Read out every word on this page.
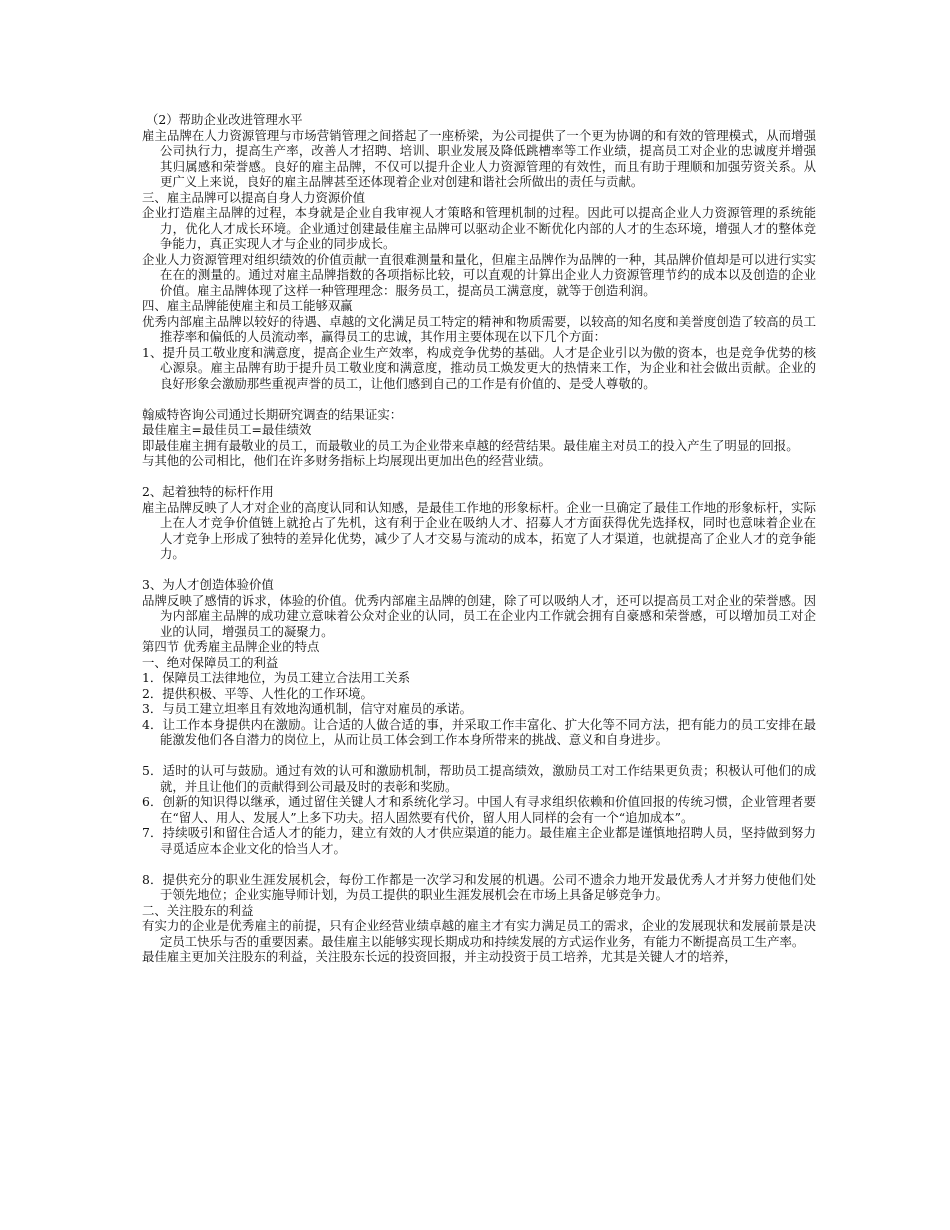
（2）帮助企业改进管理水平
雇主品牌在人力资源管理与市场营销管理之间搭起了一座桥梁，为公司提供了一个更为协调的和有效的管理模式，从而增强公司执行力，提高生产率，改善人才招聘、培训、职业发展及降低跳槽率等工作业绩，提高员工对企业的忠诚度并增强其归属感和荣誉感。良好的雇主品牌，不仅可以提升企业人力资源管理的有效性，而且有助于理顺和加强劳资关系。从更广义上来说，良好的雇主品牌甚至还体现着企业对创建和谐社会所做出的责任与贡献。
三、雇主品牌可以提高自身人力资源价值
企业打造雇主品牌的过程，本身就是企业自我审视人才策略和管理机制的过程。因此可以提高企业人力资源管理的系统能力，优化人才成长环境。企业通过创建最佳雇主品牌可以驱动企业不断优化内部的人才的生态环境，增强人才的整体竞争能力，真正实现人才与企业的同步成长。
企业人力资源管理对组织绩效的价值贡献一直很难测量和量化，但雇主品牌作为品牌的一种，其品牌价值却是可以进行实实在在的测量的。通过对雇主品牌指数的各项指标比较，可以直观的计算出企业人力资源管理节约的成本以及创造的企业价值。雇主品牌体现了这样一种管理理念：服务员工，提高员工满意度，就等于创造利润。
四、雇主品牌能使雇主和员工能够双赢
优秀内部雇主品牌以较好的待遇、卓越的文化满足员工特定的精神和物质需要，以较高的知名度和美誉度创造了较高的员工推荐率和偏低的人员流动率，赢得员工的忠诚，其作用主要体现在以下几个方面：
1、提升员工敬业度和满意度，提高企业生产效率，构成竞争优势的基础。人才是企业引以为傲的资本，也是竞争优势的核心源泉。雇主品牌有助于提升员工敬业度和满意度，推动员工焕发更大的热情来工作，为企业和社会做出贡献。企业的良好形象会激励那些重视声誉的员工，让他们感到自己的工作是有价值的、是受人尊敬的。
翰威特咨询公司通过长期研究调查的结果证实：
最佳雇主=最佳员工=最佳绩效
即最佳雇主拥有最敬业的员工，而最敬业的员工为企业带来卓越的经营结果。最佳雇主对员工的投入产生了明显的回报。
与其他的公司相比，他们在许多财务指标上均展现出更加出色的经营业绩。
2、起着独特的标杆作用
雇主品牌反映了人才对企业的高度认同和认知感，是最佳工作地的形象标杆。企业一旦确定了最佳工作地的形象标杆，实际上在人才竞争价值链上就抢占了先机，这有利于企业在吸纳人才、招募人才方面获得优先选择权，同时也意味着企业在人才竞争上形成了独特的差异化优势，减少了人才交易与流动的成本，拓宽了人才渠道，也就提高了企业人才的竞争能力。
3、为人才创造体验价值
品牌反映了感情的诉求，体验的价值。优秀内部雇主品牌的创建，除了可以吸纳人才，还可以提高员工对企业的荣誉感。因为内部雇主品牌的成功建立意味着公众对企业的认同，员工在企业内工作就会拥有自豪感和荣誉感，可以增加员工对企业的认同，增强员工的凝聚力。
第四节 优秀雇主品牌企业的特点
一、绝对保障员工的利益
1．保障员工法律地位，为员工建立合法用工关系
2．提供积极、平等、人性化的工作环境。
3．与员工建立坦率且有效地沟通机制，信守对雇员的承诺。
4．让工作本身提供内在激励。让合适的人做合适的事，并采取工作丰富化、扩大化等不同方法，把有能力的员工安排在最能激发他们各自潜力的岗位上，从而让员工体会到工作本身所带来的挑战、意义和自身进步。
5．适时的认可与鼓励。通过有效的认可和激励机制，帮助员工提高绩效，激励员工对工作结果更负责；积极认可他们的成就，并且让他们的贡献得到公司最及时的表彰和奖励。
6．创新的知识得以继承，通过留住关键人才和系统化学习。中国人有寻求组织依赖和价值回报的传统习惯，企业管理者要在“留人、用人、发展人”上多下功夫。招人固然要有代价，留人用人同样的会有一个“追加成本”。
7．持续吸引和留住合适人才的能力，建立有效的人才供应渠道的能力。最佳雇主企业都是谨慎地招聘人员，坚持做到努力寻觅适应本企业文化的恰当人才。
8．提供充分的职业生涯发展机会，每份工作都是一次学习和发展的机遇。公司不遗余力地开发最优秀人才并努力使他们处于领先地位；企业实施导师计划，为员工提供的职业生涯发展机会在市场上具备足够竞争力。
二、关注股东的利益
有实力的企业是优秀雇主的前提，只有企业经营业绩卓越的雇主才有实力满足员工的需求，企业的发展现状和发展前景是决定员工快乐与否的重要因素。最佳雇主以能够实现长期成功和持续发展的方式运作业务，有能力不断提高员工生产率。
最佳雇主更加关注股东的利益，关注股东长远的投资回报，并主动投资于员工培养，尤其是关键人才的培养，
